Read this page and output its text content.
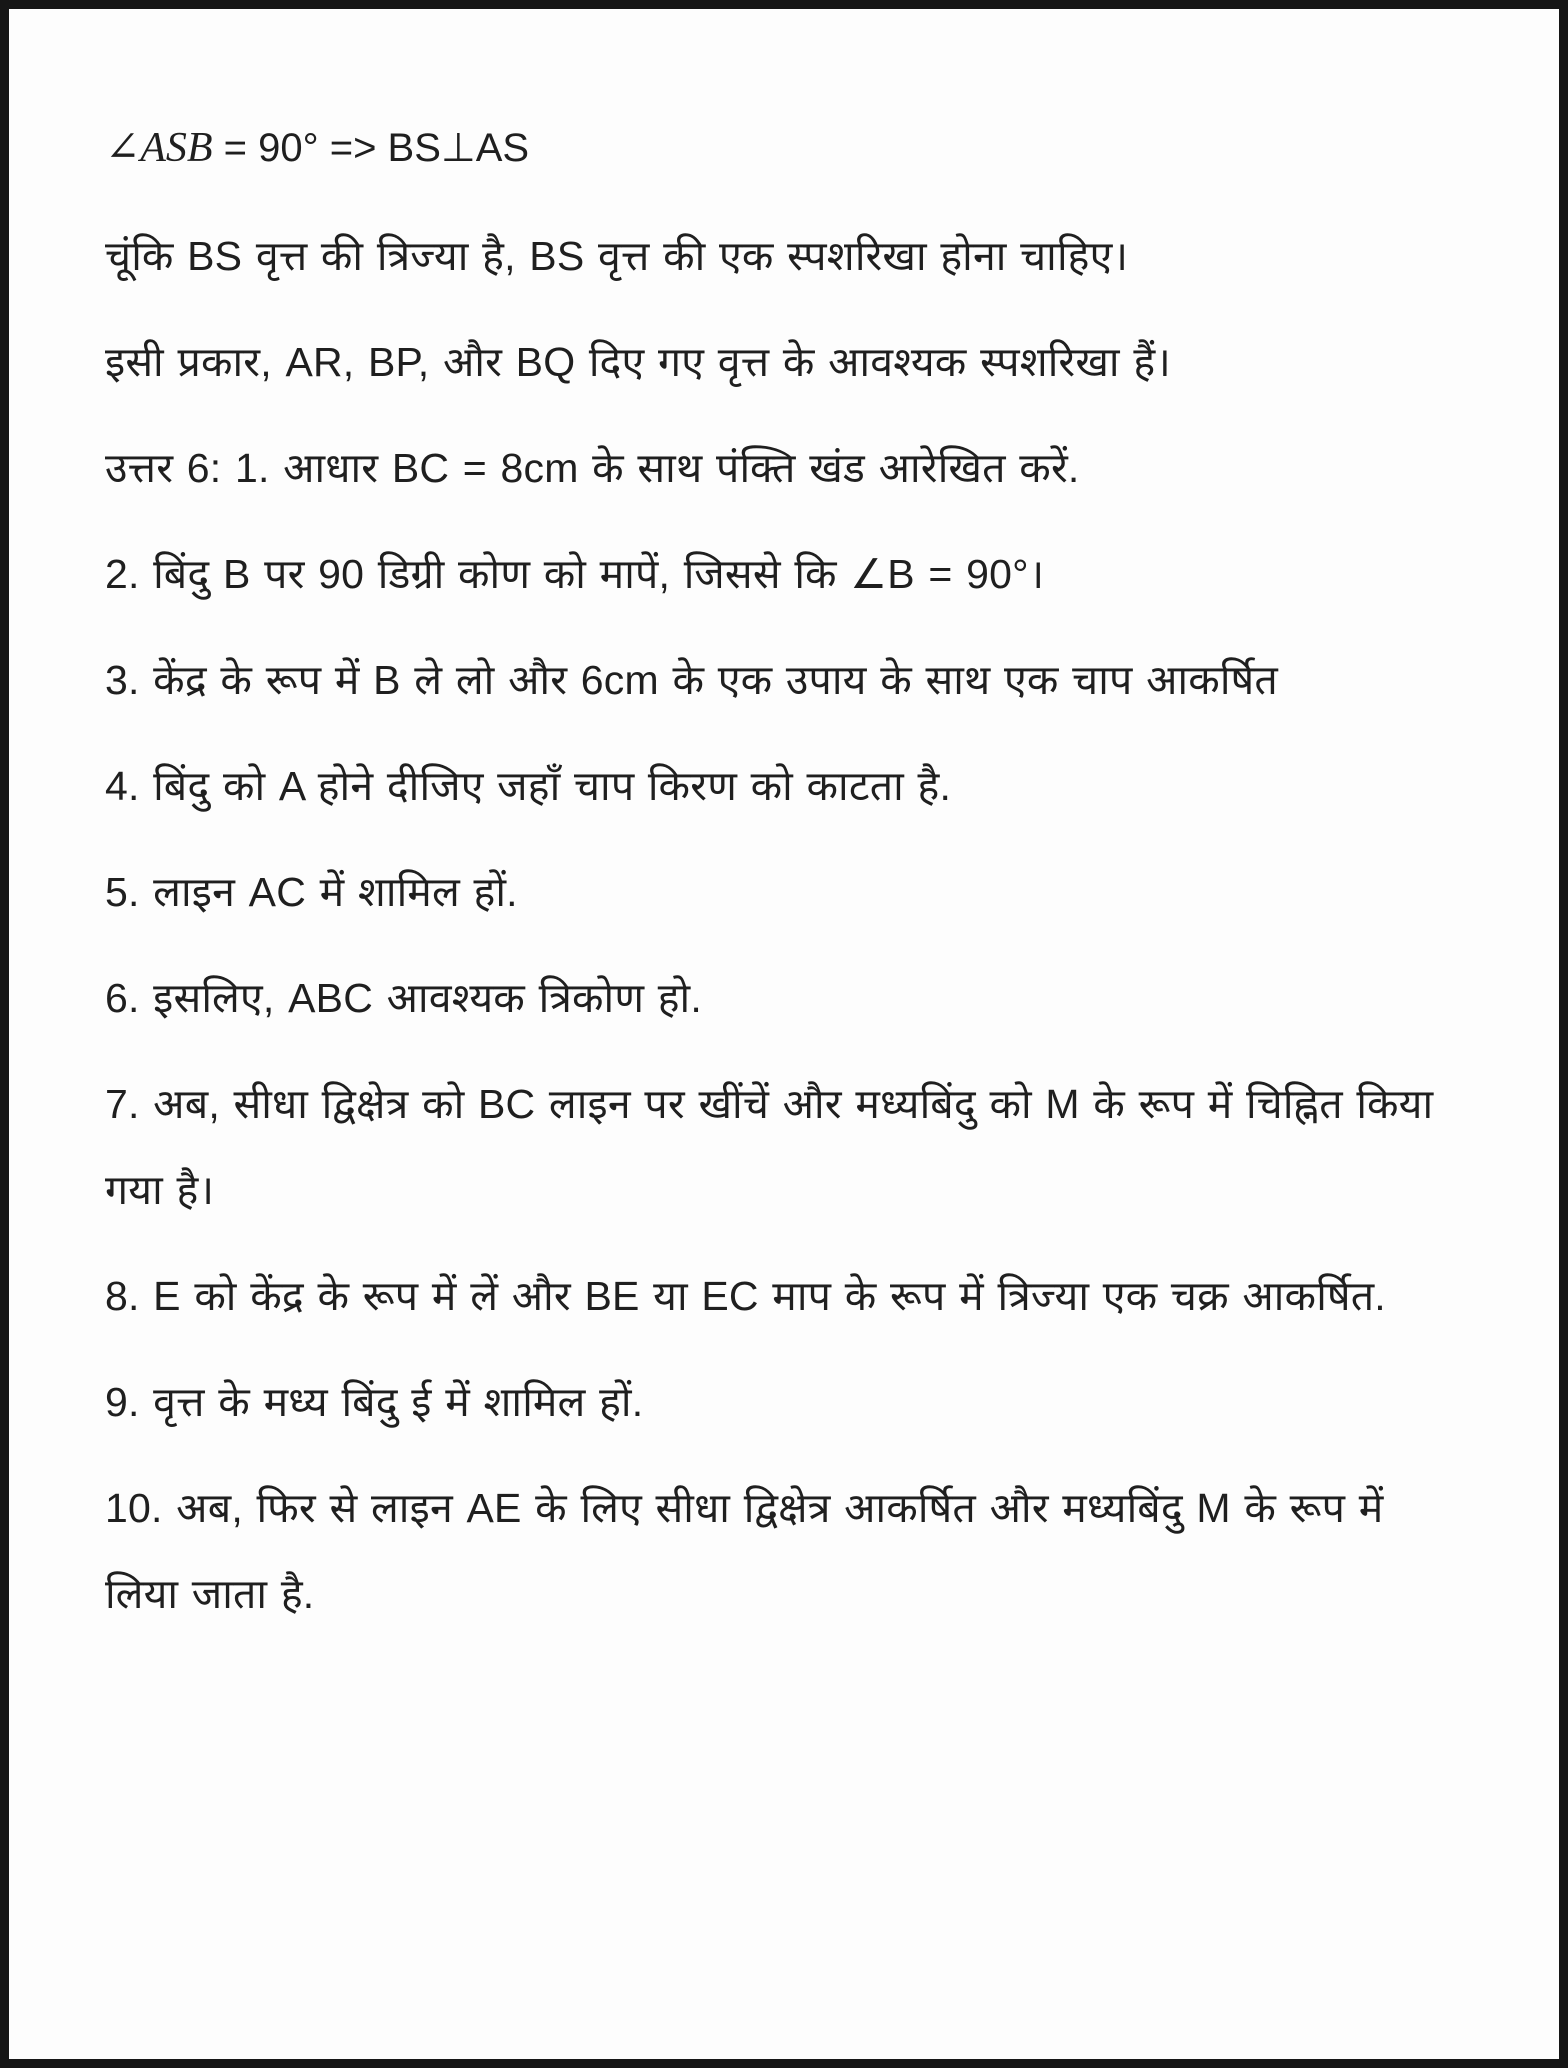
∠ASB = 90° => BS⊥AS

चूंकि BS वृत्त की त्रिज्या है, BS वृत्त की एक स्पशरिखा होना चाहिए।

इसी प्रकार, AR, BP, और BQ दिए गए वृत्त के आवश्यक स्पशरिखा हैं।

उत्तर 6: 1. आधार BC = 8cm के साथ पंक्ति खंड आरेखित करें.

2. बिंदु B पर 90 डिग्री कोण को मापें, जिससे कि ∠B = 90°।

3. केंद्र के रूप में B ले लो और 6cm के एक उपाय के साथ एक चाप आकर्षित

4. बिंदु को A होने दीजिए जहाँ चाप किरण को काटता है.

5. लाइन AC में शामिल हों.

6. इसलिए, ABC आवश्यक त्रिकोण हो.

7. अब, सीधा द्विक्षेत्र को BC लाइन पर खींचें और मध्यबिंदु को M के रूप में चिह्नित किया गया है।

8. E को केंद्र के रूप में लें और BE या EC माप के रूप में त्रिज्या एक चक्र आकर्षित.

9. वृत्त के मध्य बिंदु ई में शामिल हों.

10. अब, फिर से लाइन AE के लिए सीधा द्विक्षेत्र आकर्षित और मध्यबिंदु M के रूप में लिया जाता है.
